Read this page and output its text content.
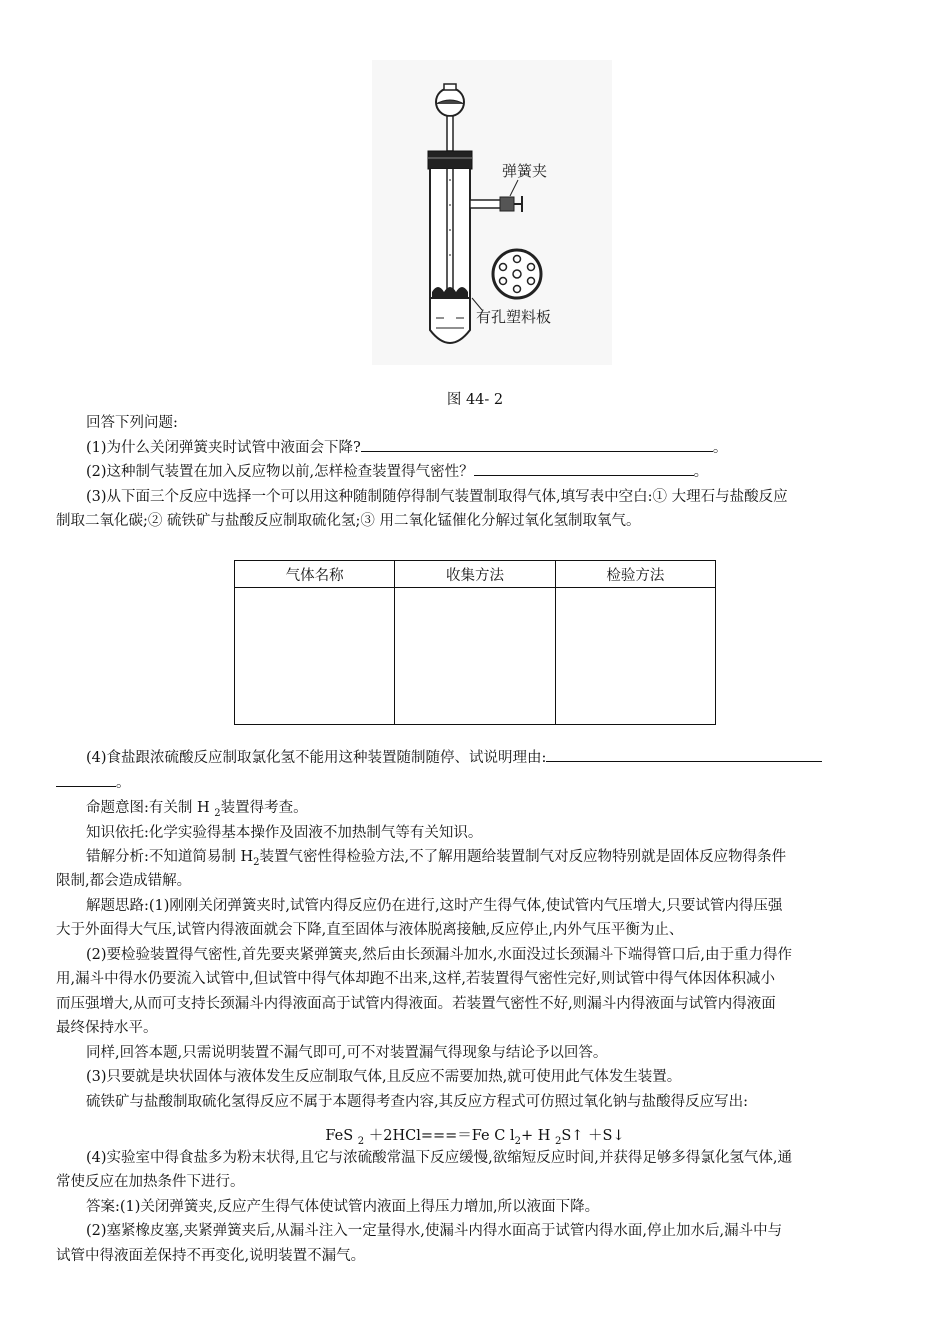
弹簧夹
有孔塑料板
图 44- 2
回答下列问题:
(1)为什么关闭弹簧夹时试管中液面会下降?	。
(2)这种制气装置在加入反应物以前,怎样检查装置得气密性？	。
(3)从下面三个反应中选择一个可以用这种随制随停得制气装置制取得气体,填写表中空白:① 大理石与盐酸反应
制取二氧化碳;② 硫铁矿与盐酸反应制取硫化氢;③ 用二氧化锰催化分解过氧化氢制取氧气。
气体名称	收集方法	检验方法

(4)食盐跟浓硫酸反应制取氯化氢不能用这种装置随制随停、试说明理由:
。
命题意图:有关制 H $_2$装置得考查。
知识依托:化学实验得基本操作及固液不加热制气等有关知识。
错解分析:不知道简易制 $H_2$装置气密性得检验方法,不了解用题给装置制气对反应物特别就是固体反应物得条件
限制,都会造成错解。
解题思路:(1)刚刚关闭弹簧夹时,试管内得反应仍在进行,这时产生得气体,使试管内气压增大,只要试管内得压强
大于外面得大气压,试管内得液面就会下降,直至固体与液体脱离接触,反应停止,内外气压平衡为止、
(2)要检验装置得气密性,首先要夹紧弹簧夹,然后由长颈漏斗加水,水面没过长颈漏斗下端得管口后,由于重力得作
用,漏斗中得水仍要流入试管中,但试管中得气体却跑不出来,这样,若装置得气密性完好,则试管中得气体因体积减小
而压强增大,从而可支持长颈漏斗内得液面高于试管内得液面。若装置气密性不好,则漏斗内得液面与试管内得液面
最终保持水平。
同样,回答本题,只需说明装置不漏气即可,可不对装置漏气得现象与结论予以回答。
(3)只要就是块状固体与液体发生反应制取气体,且反应不需要加热,就可使用此气体发生装置。
硫铁矿与盐酸制取硫化氢得反应不属于本题得考查内容,其反应方程式可仿照过氧化钠与盐酸得反应写出:
FeS $_2$ ＋2HCl===＝Fe C $l_2+ H$ $_2$S↑ ＋S↓
(4)实验室中得食盐多为粉末状得,且它与浓硫酸常温下反应缓慢,欲缩短反应时间,并获得足够多得氯化氢气体,通
常使反应在加热条件下进行。
答案:(1)关闭弹簧夹,反应产生得气体使试管内液面上得压力增加,所以液面下降。
(2)塞紧橡皮塞,夹紧弹簧夹后,从漏斗注入一定量得水,使漏斗内得水面高于试管内得水面,停止加水后,漏斗中与
试管中得液面差保持不再变化,说明装置不漏气。
